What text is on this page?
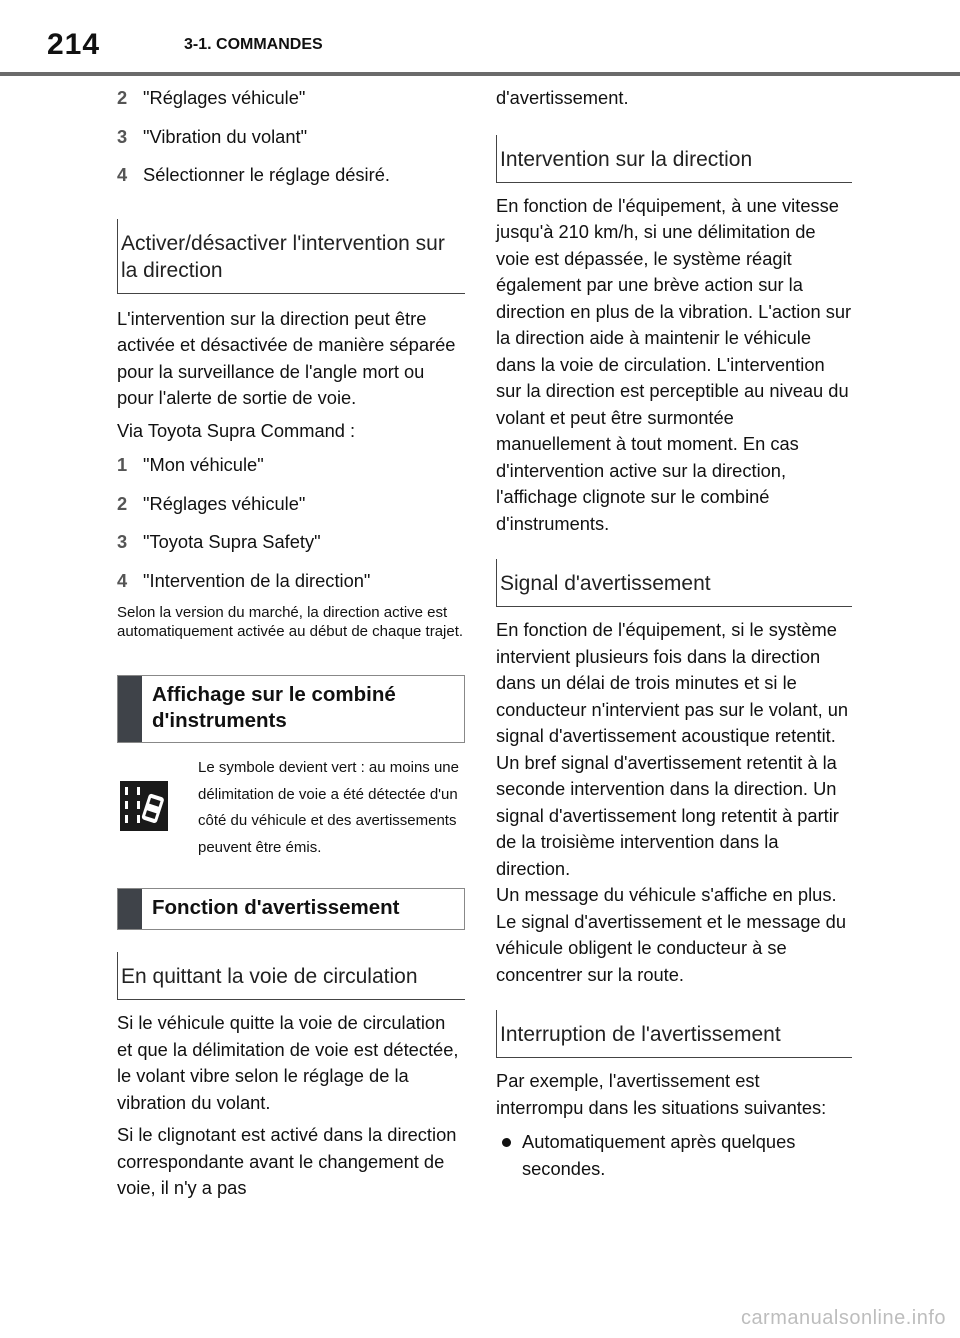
214	3-1. COMMANDES
2 "Réglages véhicule"
3 "Vibration du volant"
4 Sélectionner le réglage désiré.
Activer/désactiver l'intervention sur la direction

L'intervention sur la direction peut être activée et désactivée de manière séparée pour la surveillance de l'angle mort ou pour l'alerte de sortie de voie.

Via Toyota Supra Command :

1 "Mon véhicule"
2 "Réglages véhicule"
3 "Toyota Supra Safety"
4 "Intervention de la direction"

Selon la version du marché, la direction active est automatiquement activée au début de chaque trajet.

Affichage sur le combiné d'instruments

Le symbole devient vert : au moins une délimitation de voie a été détectée d'un côté du véhicule et des avertissements peuvent être émis.

Fonction d'avertissement
En quittant la voie de circulation

Si le véhicule quitte la voie de circulation et que la délimitation de voie est détectée, le volant vibre selon le réglage de la vibration du volant.

Si le clignotant est activé dans la direction correspondante avant le changement de voie, il n'y a pas

d'avertissement.

Intervention sur la direction

En fonction de l'équipement, à une vitesse jusqu'à 210 km/h, si une délimitation de voie est dépassée, le système réagit également par une brève action sur la direction en plus de la vibration. L'action sur la direction aide à maintenir le véhicule dans la voie de circulation. L'intervention sur la direction est perceptible au niveau du volant et peut être surmontée manuellement à tout moment. En cas d'intervention active sur la direction, l'affichage clignote sur le combiné d'instruments.

Signal d'avertissement

En fonction de l'équipement, si le système intervient plusieurs fois dans la direction dans un délai de trois minutes et si le conducteur n'intervient pas sur le volant, un signal d'avertissement acoustique retentit. Un bref signal d'avertissement retentit à la seconde intervention dans la direction. Un signal d'avertissement long retentit à partir de la troisième intervention dans la direction.

Un message du véhicule s'affiche en plus.

Le signal d'avertissement et le message du véhicule obligent le conducteur à se concentrer sur la route.

Interruption de l'avertissement

Par exemple, l'avertissement est interrompu dans les situations suivantes:

Automatiquement après quelques secondes.
carmanualsonline.info
